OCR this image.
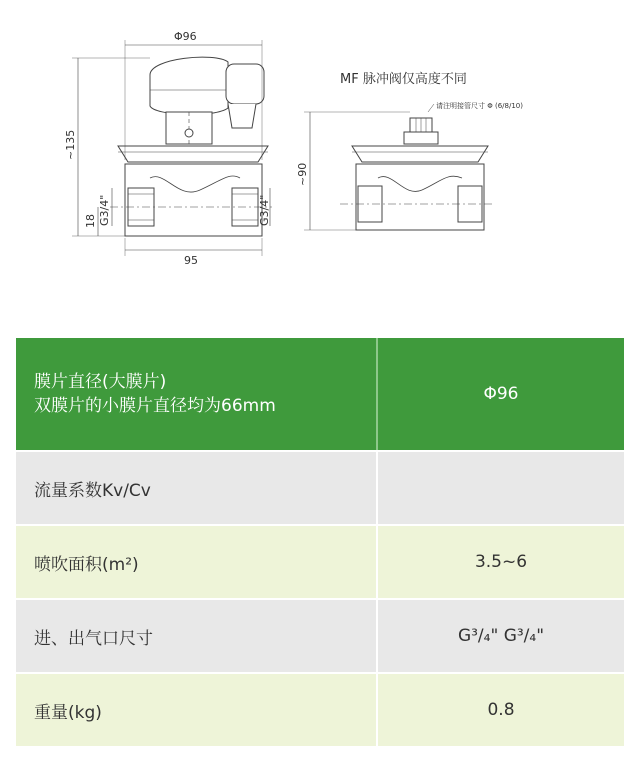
Φ96
95
~135
18 G3/4"	G3/4"
MF 脉冲阀仅高度不同
请注明接管尺寸 Φ (6/8/10)
~90
膜片直径(大膜片)
双膜片的小膜片直径均为66mm	Φ96
流量系数Kv/Cv	
喷吹面积(m²)	3.5~6
进、出气口尺寸	G³/₄" G³/₄"
重量(kg)	0.8
